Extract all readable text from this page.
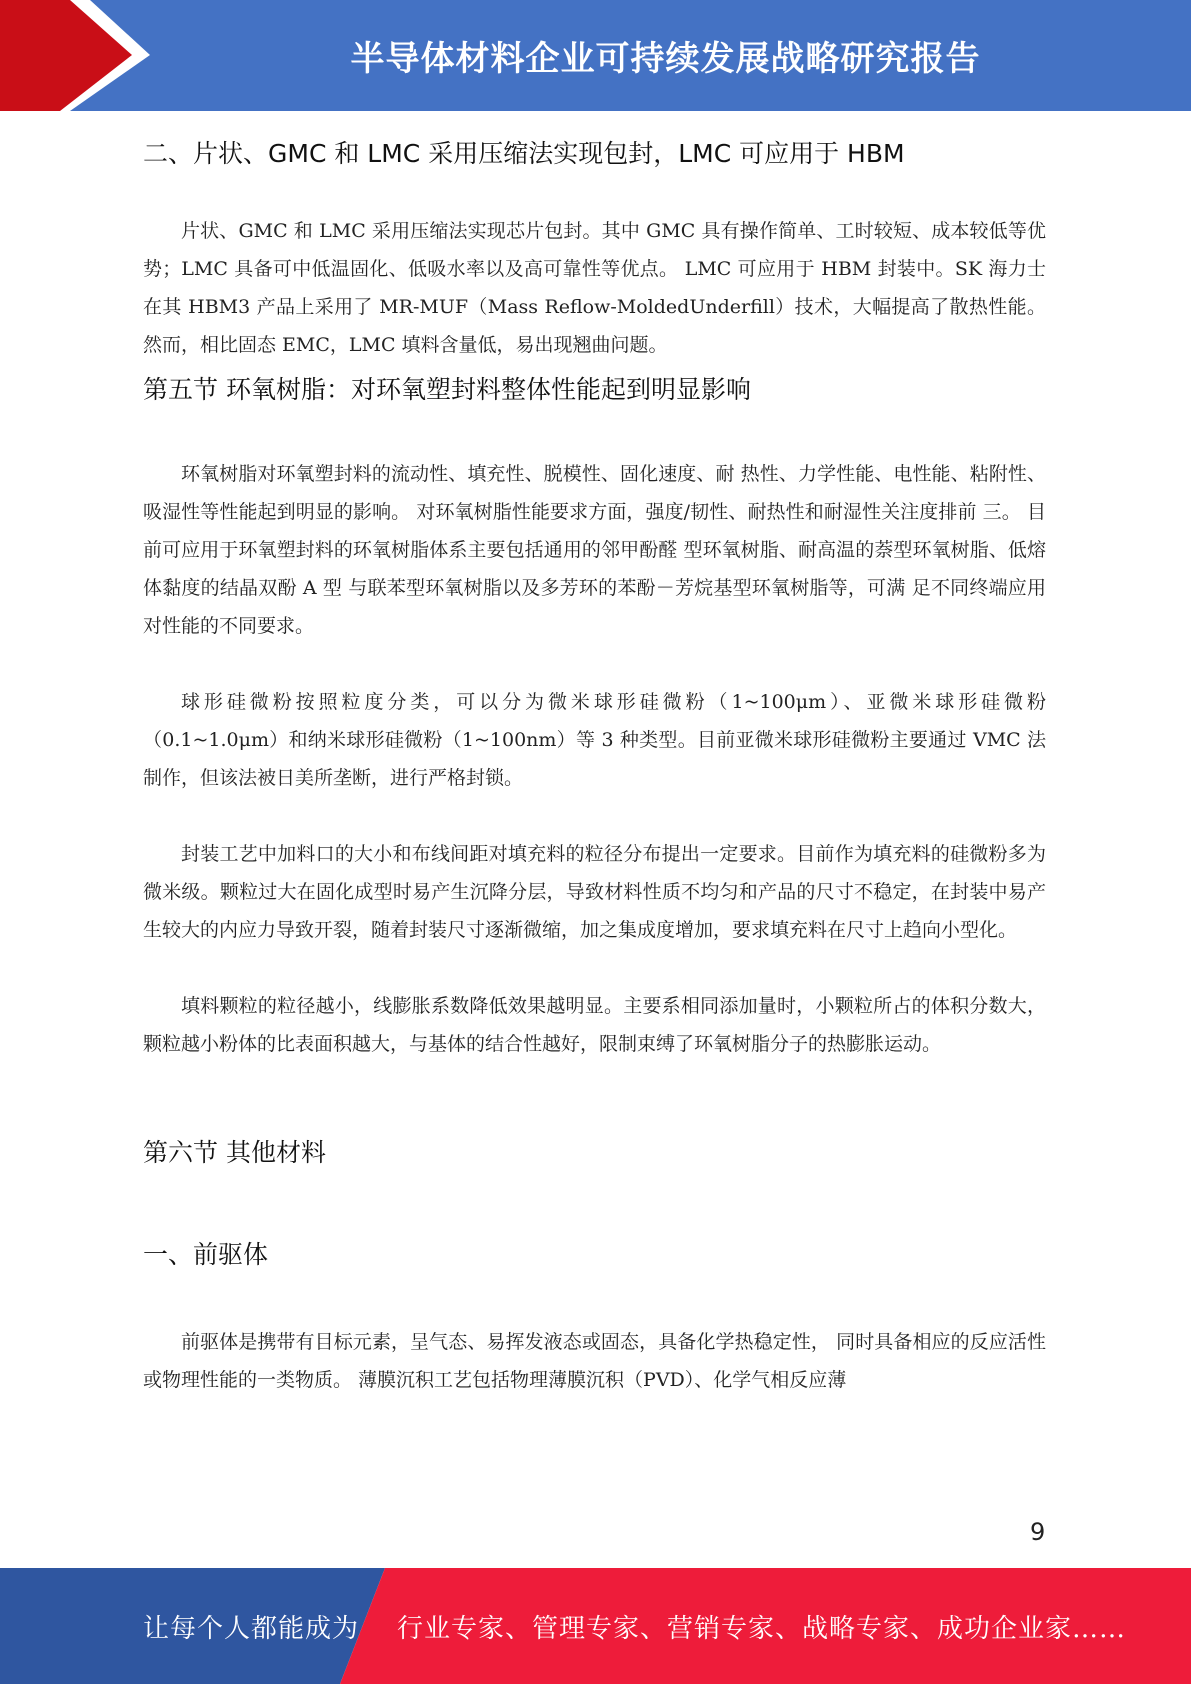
半导体材料企业可持续发展战略研究报告
二、片状、GMC 和 LMC 采用压缩法实现包封，LMC 可应用于 HBM

片状、GMC 和 LMC 采用压缩法实现芯片包封。其中 GMC 具有操作简单、工时较短、成本较低等优势；LMC 具备可中低温固化、低吸水率以及高可靠性等优点。 LMC 可应用于 HBM 封装中。SK 海力士在其 HBM3 产品上采用了 MR-MUF（Mass Reflow-MoldedUnderfill）技术，大幅提高了散热性能。然而，相比固态 EMC，LMC 填料含量低，易出现翘曲问题。

第五节 环氧树脂：对环氧塑封料整体性能起到明显影响

环氧树脂对环氧塑封料的流动性、填充性、脱模性、固化速度、耐 热性、力学性能、电性能、粘附性、吸湿性等性能起到明显的影响。 对环氧树脂性能要求方面，强度/韧性、耐热性和耐湿性关注度排前 三。 目前可应用于环氧塑封料的环氧树脂体系主要包括通用的邻甲酚醛 型环氧树脂、耐高温的萘型环氧树脂、低熔体黏度的结晶双酚 A 型 与联苯型环氧树脂以及多芳环的苯酚－芳烷基型环氧树脂等，可满 足不同终端应用对性能的不同要求。

球形硅微粉按照粒度分类，可以分为微米球形硅微粉（1~100μm）、亚微米球形硅微粉（0.1~1.0μm）和纳米球形硅微粉（1~100nm）等 3 种类型。目前亚微米球形硅微粉主要通过 VMC 法制作，但该法被日美所垄断，进行严格封锁。

封装工艺中加料口的大小和布线间距对填充料的粒径分布提出一定要求。目前作为填充料的硅微粉多为微米级。颗粒过大在固化成型时易产生沉降分层，导致材料性质不均匀和产品的尺寸不稳定，在封装中易产生较大的内应力导致开裂，随着封装尺寸逐渐微缩，加之集成度增加，要求填充料在尺寸上趋向小型化。

填料颗粒的粒径越小，线膨胀系数降低效果越明显。主要系相同添加量时，小颗粒所占的体积分数大，颗粒越小粉体的比表面积越大，与基体的结合性越好，限制束缚了环氧树脂分子的热膨胀运动。

第六节 其他材料
一、前驱体

前驱体是携带有目标元素，呈气态、易挥发液态或固态，具备化学热稳定性， 同时具备相应的反应活性或物理性能的一类物质。 薄膜沉积工艺包括物理薄膜沉积（PVD）、化学气相反应薄

9
让每个人都能成为 行业专家、管理专家、营销专家、战略专家、成功企业家……
